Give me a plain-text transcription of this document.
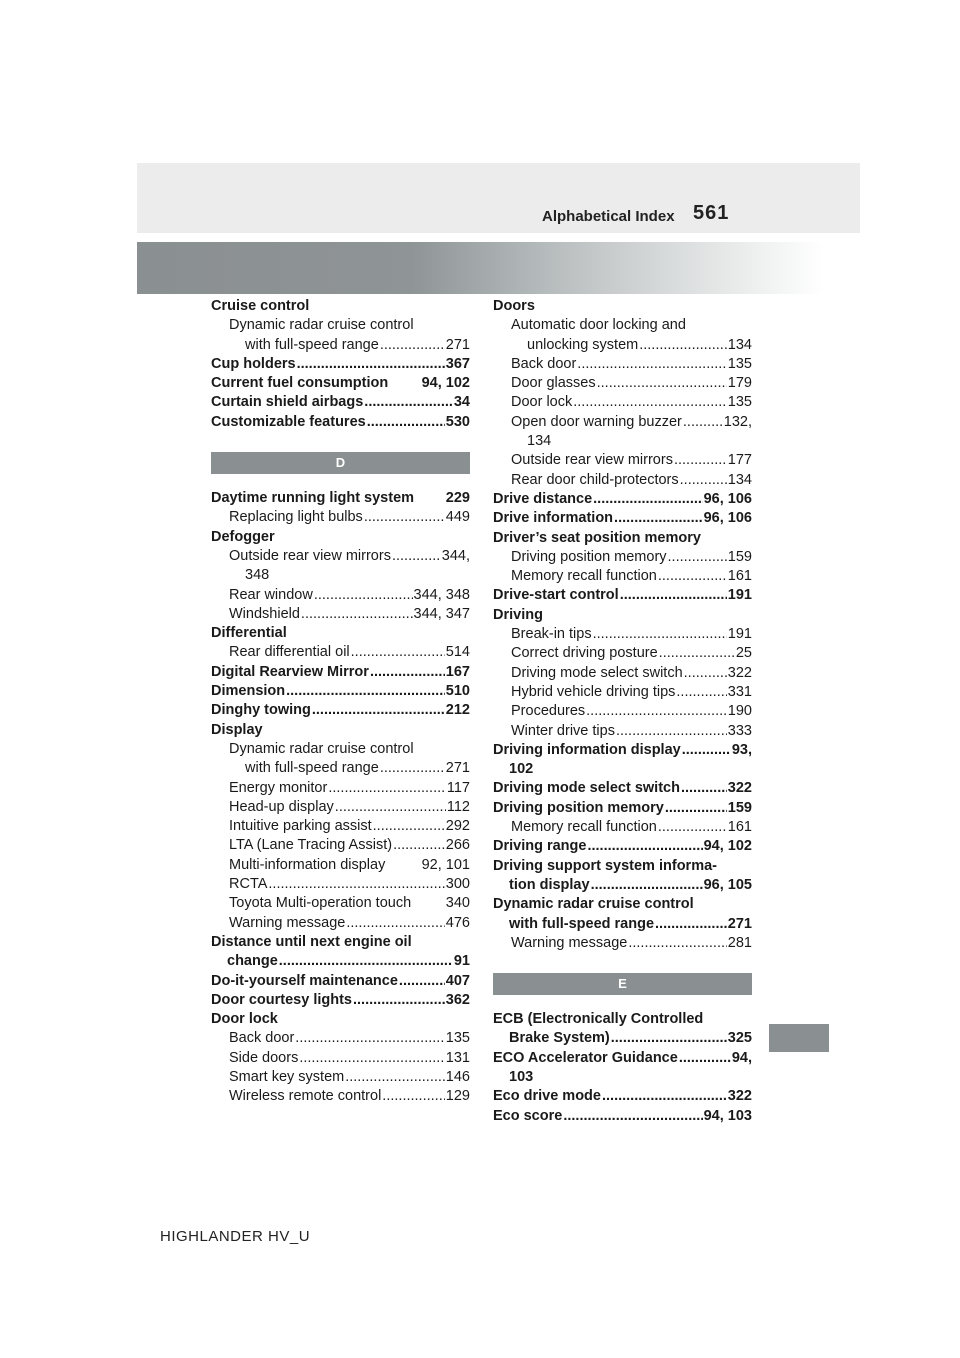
Alphabetical Index 561
Cruise control
Dynamic radar cruise control
with full-speed range .....	271
Cup holders .....	367
Current fuel consumption 94, 102
Curtain shield airbags .....	34
Customizable features .....	530
D
Daytime running light system 229
Replacing light bulbs .....	449
Defogger
Outside rear view mirrors .....	344,
348
Rear window .....	344, 348
Windshield .....	344, 347
Differential
Rear differential oil .....	514
Digital Rearview Mirror .....	167
Dimension .....	510
Dinghy towing .....	212
Display
Dynamic radar cruise control
with full-speed range .....	271
Energy monitor .....	117
Head-up display .....	112
Intuitive parking assist .....	292
LTA (Lane Tracing Assist) .....	266
Multi-information display	92, 101
RCTA .....	300
Toyota Multi-operation touch 340
Warning message .....	476
Distance until next engine oil
change .....	91
Do-it-yourself maintenance .....	407
Door courtesy lights .....	362
Door lock
Back door .....	135
Side doors .....	131
Smart key system .....	146
Wireless remote control .....	129
Doors
Automatic door locking and
unlocking system .....	134
Back door .....	135
Door glasses .....	179
Door lock .....	135
Open door warning buzzer .....	132,
134
Outside rear view mirrors .....	177
Rear door child-protectors .....	134
Drive distance .....	96, 106
Drive information .....	96, 106
Driver’s seat position memory
Driving position memory .....	159
Memory recall function .....	161
Drive-start control .....	191
Driving
Break-in tips .....	191
Correct driving posture .....	25
Driving mode select switch .....	322
Hybrid vehicle driving tips .....	331
Procedures .....	190
Winter drive tips .....	333
Driving information display .....	93,
102
Driving mode select switch .....	322
Driving position memory .....	159
Memory recall function .....	161
Driving range .....	94, 102
Driving support system informa-
tion display .....	96, 105
Dynamic radar cruise control
with full-speed range .....	271
Warning message .....	281
E
ECB (Electronically Controlled
Brake System) .....	325
ECO Accelerator Guidance .....	94,
103
Eco drive mode .....	322
Eco score .....	94, 103
HIGHLANDER HV_U
